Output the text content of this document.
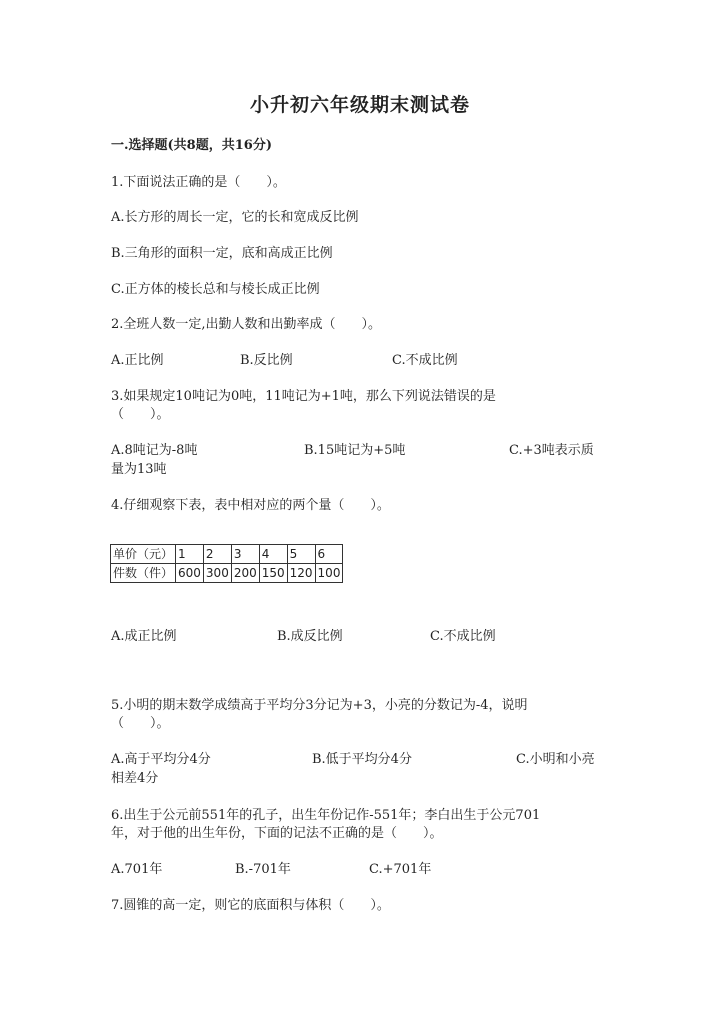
小升初六年级期末测试卷
一.选择题(共8题，共16分)
1.下面说法正确的是（　　）。
A.长方形的周长一定，它的长和宽成反比例
B.三角形的面积一定，底和高成正比例
C.正方体的棱长总和与棱长成正比例
2.全班人数一定,出勤人数和出勤率成（　　）。
A.正比例	B.反比例	C.不成比例
3.如果规定10吨记为0吨，11吨记为+1吨，那么下列说法错误的是
（　　）。
A.8吨记为-8吨	B.15吨记为+5吨	C.+3吨表示质
量为13吨
4.仔细观察下表，表中相对应的两个量（　　）。
单价（元）	1	2	3	4	5	6
件数（件）	600	300	200	150	120	100
A.成正比例	B.成反比例	C.不成比例
5.小明的期末数学成绩高于平均分3分记为+3，小亮的分数记为-4，说明
（　　）。
A.高于平均分4分	B.低于平均分4分	C.小明和小亮
相差4分
6.出生于公元前551年的孔子，出生年份记作-551年；李白出生于公元701
年，对于他的出生年份，下面的记法不正确的是（　　）。
A.701年	B.-701年	C.+701年
7.圆锥的高一定，则它的底面积与体积（　　）。
